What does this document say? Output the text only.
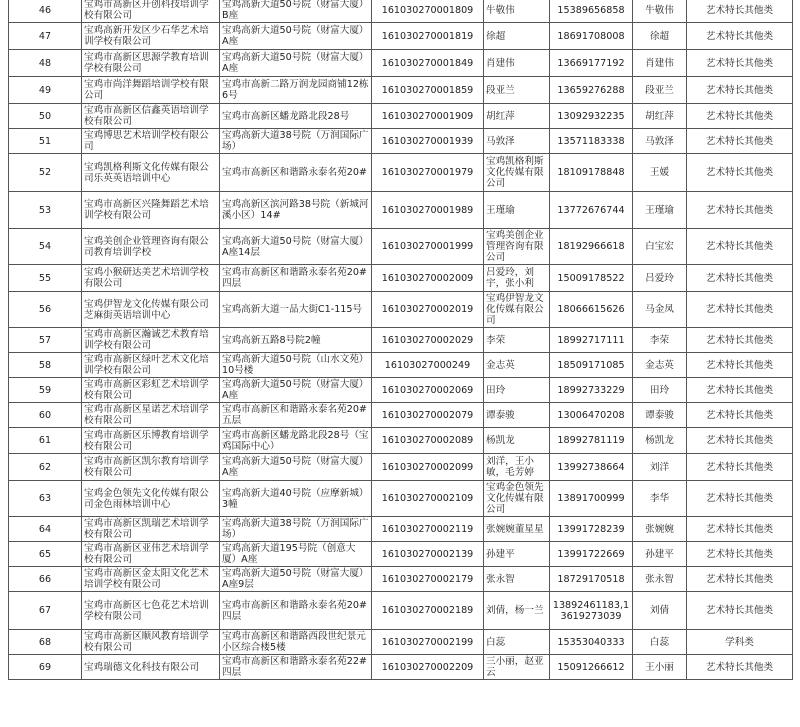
46	宝鸡市高新区开创科技培训学校有限公司	宝鸡高新大道50号院（财富大厦）B座	161030270001809	牛敬伟	15389656858	牛敬伟	艺术特长其他类
47	宝鸡高新开发区少石华艺术培训学校有限公司	宝鸡高新大道50号院（财富大厦）A座	161030270001819	徐超	18691708008	徐超	艺术特长其他类
48	宝鸡市高新区思源学教育培训学校有限公司	宝鸡高新大道50号院（财富大厦）A座	161030270001849	肖建伟	13669177192	肖建伟	艺术特长其他类
49	宝鸡市尚洋舞蹈培训学校有限公司	宝鸡市高新二路万润龙园商铺12栋6号	161030270001859	段亚兰	13659276288	段亚兰	艺术特长其他类
50	宝鸡市高新区信鑫英语培训学校有限公司	宝鸡市高新区蟠龙路北段28号	161030270001909	胡红萍	13092932235	胡红萍	艺术特长其他类
51	宝鸡博思艺术培训学校有限公司	宝鸡高新大道38号院（万润国际广场）	161030270001939	马敦泽	13571183338	马敦泽	艺术特长其他类
52	宝鸡凯格利斯文化传媒有限公司乐英英语培训中心	宝鸡市高新区和谐路永泰名苑20#	161030270001979	宝鸡凯格利斯文化传媒有限公司	18109178848	王媛	艺术特长其他类
53	宝鸡市高新区兴隆舞蹈艺术培训学校有限公司	宝鸡高新区滨河路38号院（新城河溪小区）14#	161030270001989	王瑾瑜	13772676744	王瑾瑜	艺术特长其他类
54	宝鸡美创企业管理咨询有限公司教育培训学校	宝鸡高新大道50号院（财富大厦）A座14层	161030270001999	宝鸡美创企业管理咨询有限公司	18192966618	白宝宏	艺术特长其他类
55	宝鸡小猴研达美艺术培训学校有限公司	宝鸡市高新区和谐路永泰名苑20#四层	161030270002009	吕爱玲，刘宇，张小利	15009178522	吕爱玲	艺术特长其他类
56	宝鸡伊智龙文化传媒有限公司芝麻街英语培训中心	宝鸡高新大道一品大街C1-115号	161030270002019	宝鸡伊智龙文化传媒有限公司	18066615626	马金凤	艺术特长其他类
57	宝鸡市高新区瀚诚艺术教育培训学校有限公司	宝鸡高新五路8号院2幢	161030270002029	李荣	18992717111	李荣	艺术特长其他类
58	宝鸡市高新区绿叶艺术文化培训学校有限公司	宝鸡高新大道50号院（山水文苑）10号楼	16103027000249	金志英	18509171085	金志英	艺术特长其他类
59	宝鸡市高新区彩虹艺术培训学校有限公司	宝鸡高新大道50号院（财富大厦）A座	161030270002069	田玲	18992733229	田玲	艺术特长其他类
60	宝鸡市高新区星诺艺术培训学校有限公司	宝鸡市高新区和谐路永泰名苑20#五层	161030270002079	谭泰骏	13006470208	谭泰骏	艺术特长其他类
61	宝鸡市高新区乐博教育培训学校有限公司	宝鸡市高新区蟠龙路北段28号（宝鸡国际中心）	161030270002089	杨凯龙	18992781119	杨凯龙	艺术特长其他类
62	宝鸡市高新区凯尔教育培训学校有限公司	宝鸡高新大道50号院（财富大厦）A座	161030270002099	刘洋，王小敏，毛芳婷	13992738664	刘洋	艺术特长其他类
63	宝鸡金色领先文化传媒有限公司金色雨林培训中心	宝鸡高新大道40号院（应摩新城）3幢	161030270002109	宝鸡金色领先文化传媒有限公司	13891700999	李华	艺术特长其他类
64	宝鸡市高新区凯瑞艺术培训学校有限公司	宝鸡高新大道38号院（万润国际广场）	161030270002119	张婉婉董星星	13991728239	张婉婉	艺术特长其他类
65	宝鸡市高新区亚伟艺术培训学校有限公司	宝鸡高新大道195号院（创意大厦）A座	161030270002139	孙建平	13991722669	孙建平	艺术特长其他类
66	宝鸡市高新区金太阳文化艺术培训学校有限公司	宝鸡高新大道50号院（财富大厦）A座9层	161030270002179	张永智	18729170518	张永智	艺术特长其他类
67	宝鸡市高新区七色花艺术培训学校有限公司	宝鸡市高新区和谐路永泰名苑20#四层	161030270002189	刘倩，杨一兰	13892461183,13619273039	刘倩	艺术特长其他类
68	宝鸡市高新区顺风教育培训学校有限公司	宝鸡市高新区和谐路西段世纪景元小区综合楼5楼	161030270002199	白蕊	15353040333	白蕊	学科类
69	宝鸡瑞德文化科技有限公司	宝鸡市高新区和谐路永泰名苑22#四层	161030270002209	三小丽，赵亚云	15091266612	王小丽	艺术特长其他类
